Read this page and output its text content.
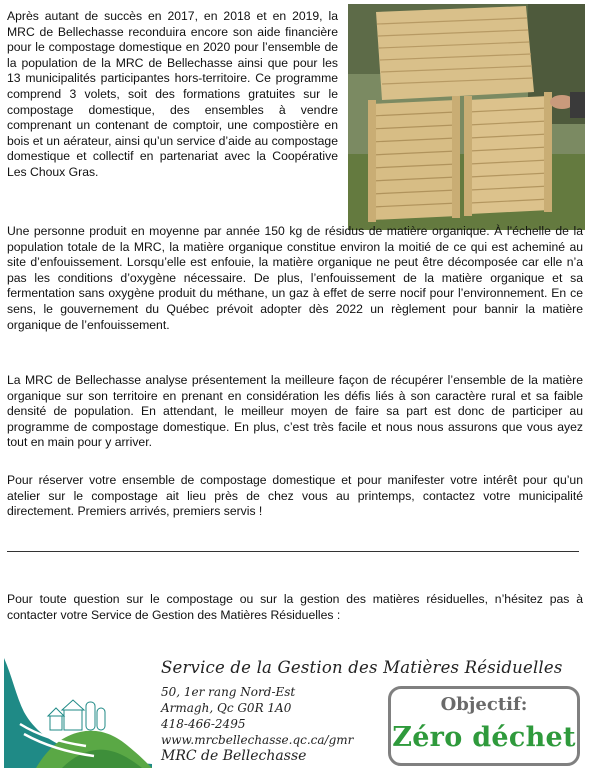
Après autant de succès en 2017, en 2018 et en 2019, la MRC de Bellechasse reconduira encore son aide financière pour le compostage domestique en 2020 pour l’ensemble de la population de la MRC de Bellechasse ainsi que pour les 13 municipalités participantes hors-territoire. Ce programme comprend 3 volets, soit des formations gratuites sur le compostage domestique, des ensembles à vendre comprenant un contenant de comptoir, une compostière en bois et un aérateur, ainsi qu’un service d’aide au compostage domestique et collectif en partenariat avec la Coopérative Les Choux Gras.

Une personne produit en moyenne par année 150 kg de résidus de matière organique. À l’échelle de la population totale de la MRC, la matière organique constitue environ la moitié de ce qui est acheminé au site d’enfouissement. Lorsqu’elle est enfouie, la matière organique ne peut être décomposée car elle n’a pas les conditions d’oxygène nécessaire. De plus, l’enfouissement de la matière organique et sa fermentation sans oxygène produit du méthane, un gaz à effet de serre nocif pour l’environnement. En ce sens, le gouvernement du Québec prévoit adopter dès 2022 un règlement pour bannir la matière organique de l’enfouissement.

La MRC de Bellechasse analyse présentement la meilleure façon de récupérer l’ensemble de la matière organique sur son territoire en prenant en considération les défis liés à son caractère rural et sa faible densité de population. En attendant, le meilleur moyen de faire sa part est donc de participer au programme de compostage domestique. En plus, c’est très facile et nous nous assurons que vous ayez tout en main pour y arriver.

Pour réserver votre ensemble de compostage domestique et pour manifester votre intérêt pour qu’un atelier sur le compostage ait lieu près de chez vous au printemps, contactez votre municipalité directement. Premiers arrivés, premiers servis !

Pour toute question sur le compostage ou sur la gestion des matières résiduelles, n’hésitez pas à contacter votre Service de Gestion des Matières Résiduelles :

Service de la Gestion des Matières Résiduelles
50, 1er rang Nord-Est
Armagh, Qc G0R 1A0
418-466-2495
www.mrcbellechasse.qc.ca/gmr
MRC de Bellechasse
Objectif:
Zéro déchet
